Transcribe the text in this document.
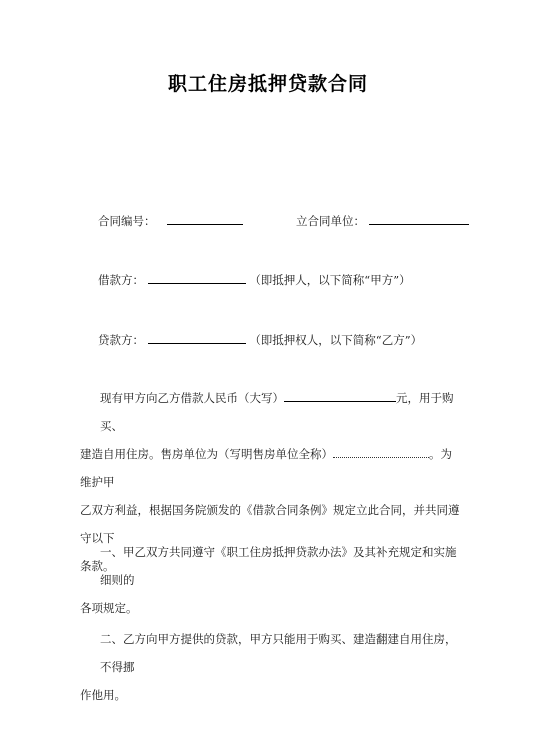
职工住房抵押贷款合同
合同编号：	立合同单位：
借款方：	（即抵押人，以下简称“甲方”）
贷款方：	（即抵押权人，以下简称“乙方”）
现有甲方向乙方借款人民币（大写）	元，用于购买、
建造自用住房。售房单位为（写明售房单位全称）	。为维护甲
乙双方利益，根据国务院颁发的《借款合同条例》规定立此合同，并共同遵守以下
条款。
一、甲乙双方共同遵守《职工住房抵押贷款办法》及其补充规定和实施细则的
各项规定。
二、乙方向甲方提供的贷款，甲方只能用于购买、建造翻建自用住房，不得挪
作他用。
